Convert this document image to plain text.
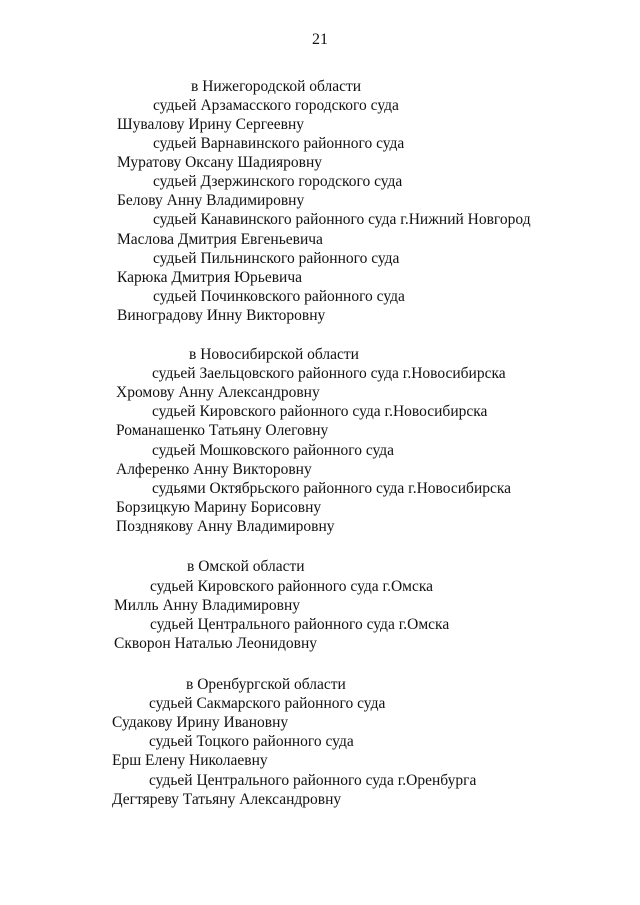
21
в Нижегородской области
судьей Арзамасского городского суда
Шувалову Ирину Сергеевну
судьей Варнавинского районного суда
Муратову Оксану Шадияровну
судьей Дзержинского городского суда
Белову Анну Владимировну
судьей Канавинского районного суда г.Нижний Новгород
Маслова Дмитрия Евгеньевича
судьей Пильнинского районного суда
Карюка Дмитрия Юрьевича
судьей Починковского районного суда
Виноградову Инну Викторовну
в Новосибирской области
судьей Заельцовского районного суда г.Новосибирска
Хромову Анну Александровну
судьей Кировского районного суда г.Новосибирска
Романашенко Татьяну Олеговну
судьей Мошковского районного суда
Алференко Анну Викторовну
судьями Октябрьского районного суда г.Новосибирска
Борзицкую Марину Борисовну
Позднякову Анну Владимировну
в Омской области
судьей Кировского районного суда г.Омска
Милль Анну Владимировну
судьей Центрального районного суда г.Омска
Скворон Наталью Леонидовну
в Оренбургской области
судьей Сакмарского районного суда
Судакову Ирину Ивановну
судьей Тоцкого районного суда
Ерш Елену Николаевну
судьей Центрального районного суда г.Оренбурга
Дегтяреву Татьяну Александровну
